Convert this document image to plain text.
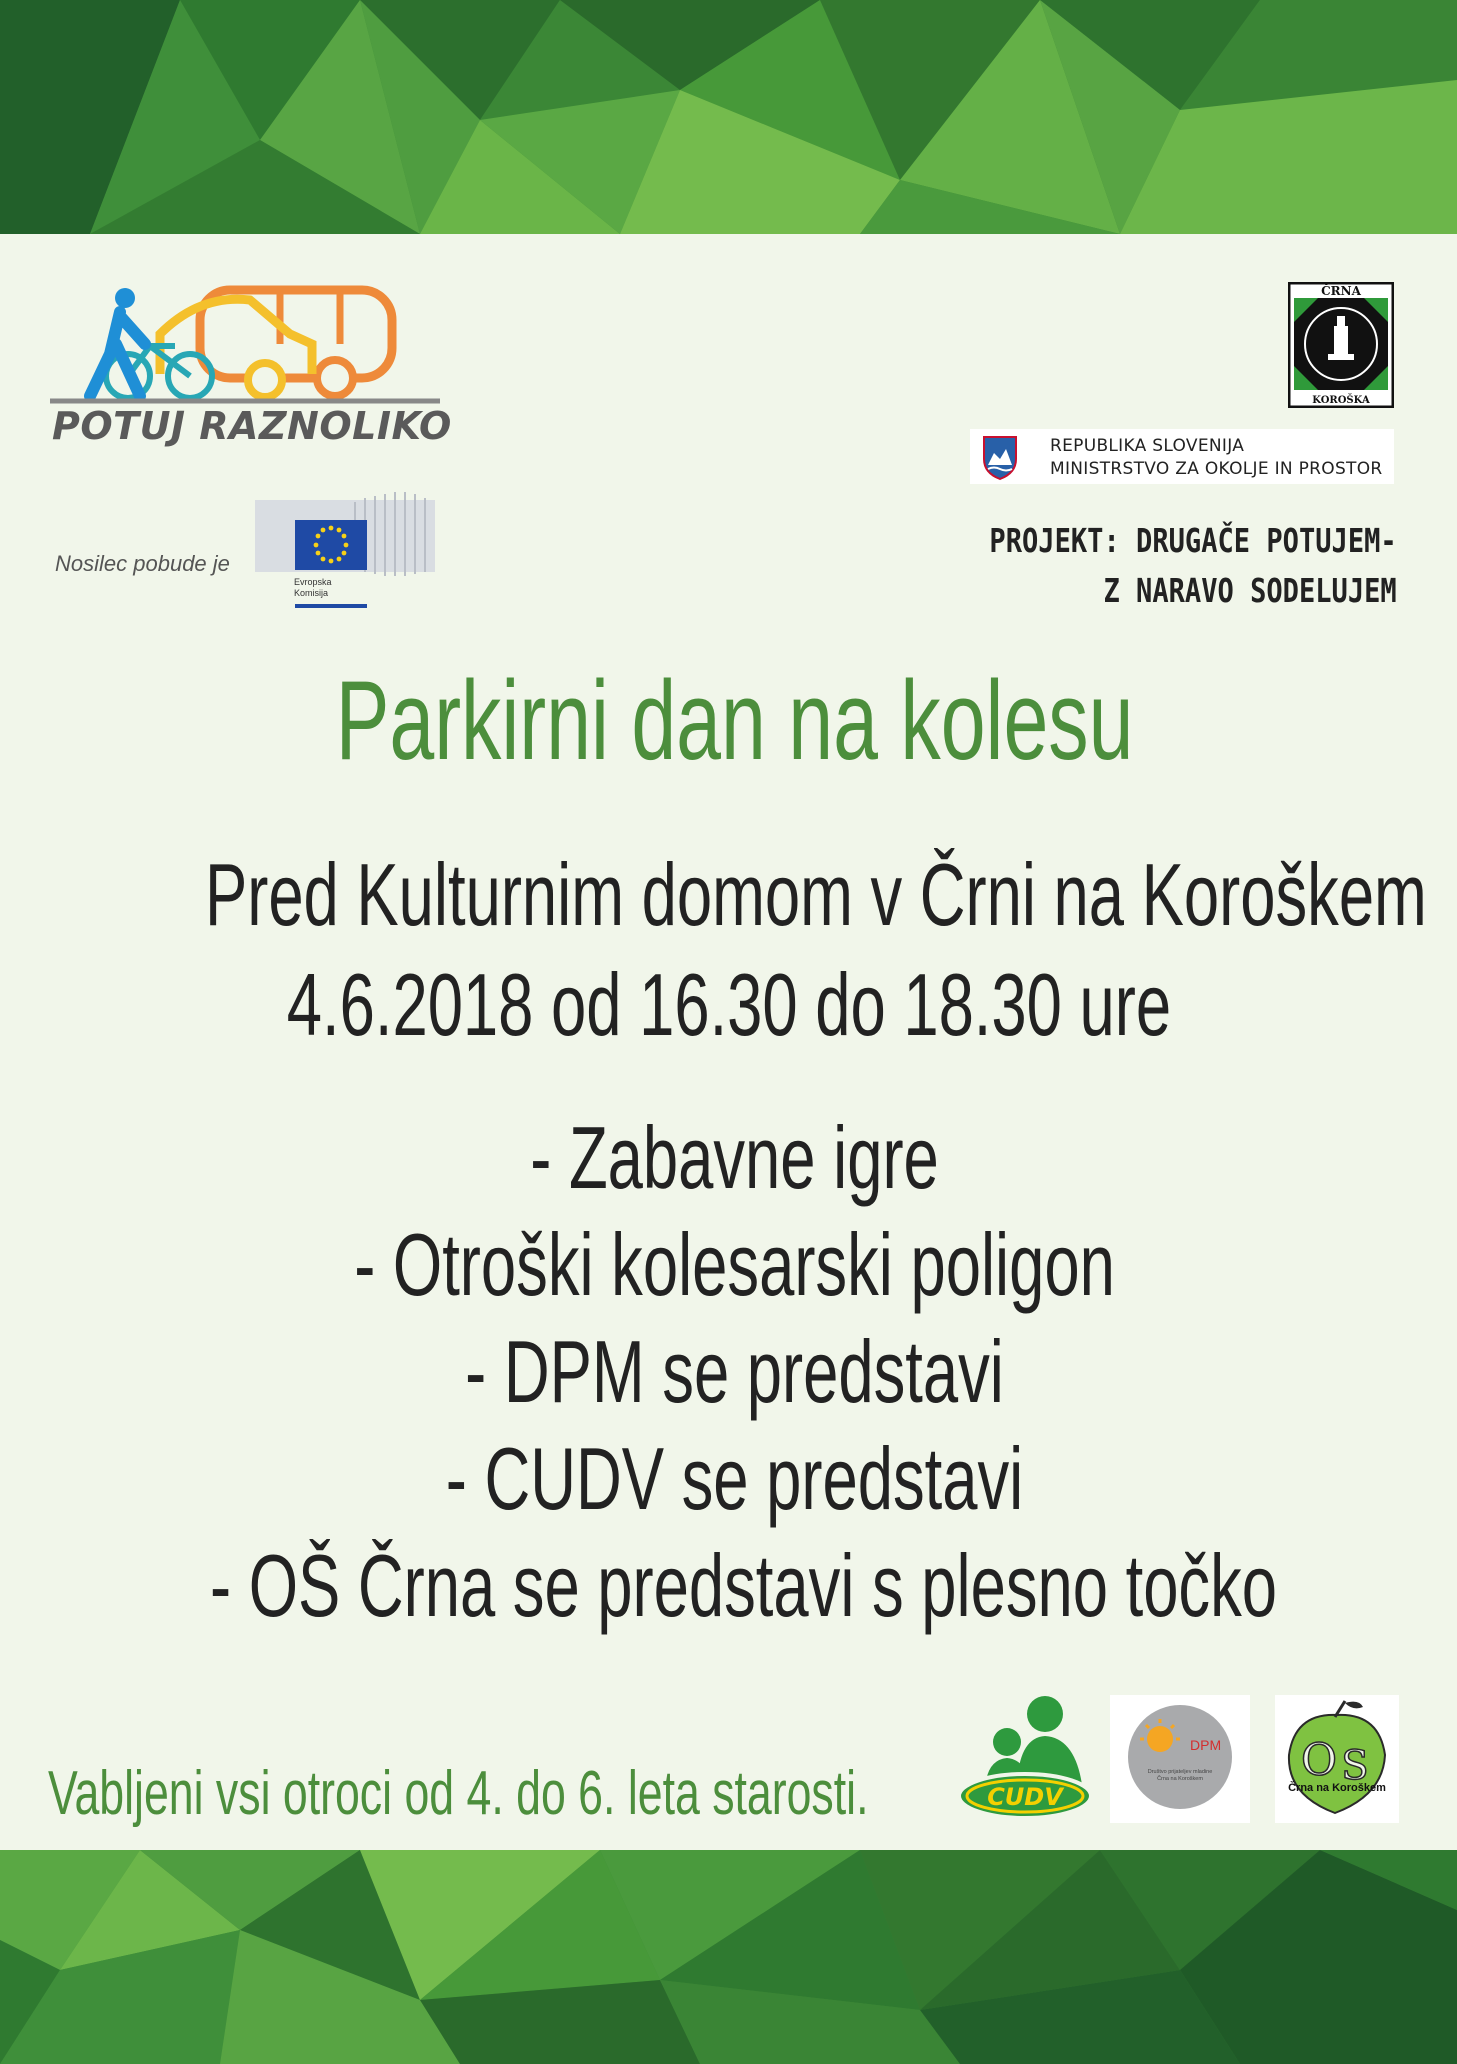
POTUJ RAZNOLIKO
Nosilec pobude je
Evropska
Komisija
ČRNA
KOROŠKA
REPUBLIKA SLOVENIJA
MINISTRSTVO ZA OKOLJE IN PROSTOR
PROJEKT: DRUGAČE POTUJEM-
Z NARAVO SODELUJEM
Parkirni dan na kolesu
Pred Kulturnim domom v Črni na Koroškem
4.6.2018 od 16.30 do 18.30 ure
- Zabavne igre
- Otroški kolesarski poligon
- DPM se predstavi
- CUDV se predstavi
- OŠ Črna se predstavi s plesno točko
Vabljeni vsi otroci od 4. do 6. leta starosti.	CUDV
DPM
Društvo prijateljev mladine Črna na Koroškem O S
Črna na Koroškem
